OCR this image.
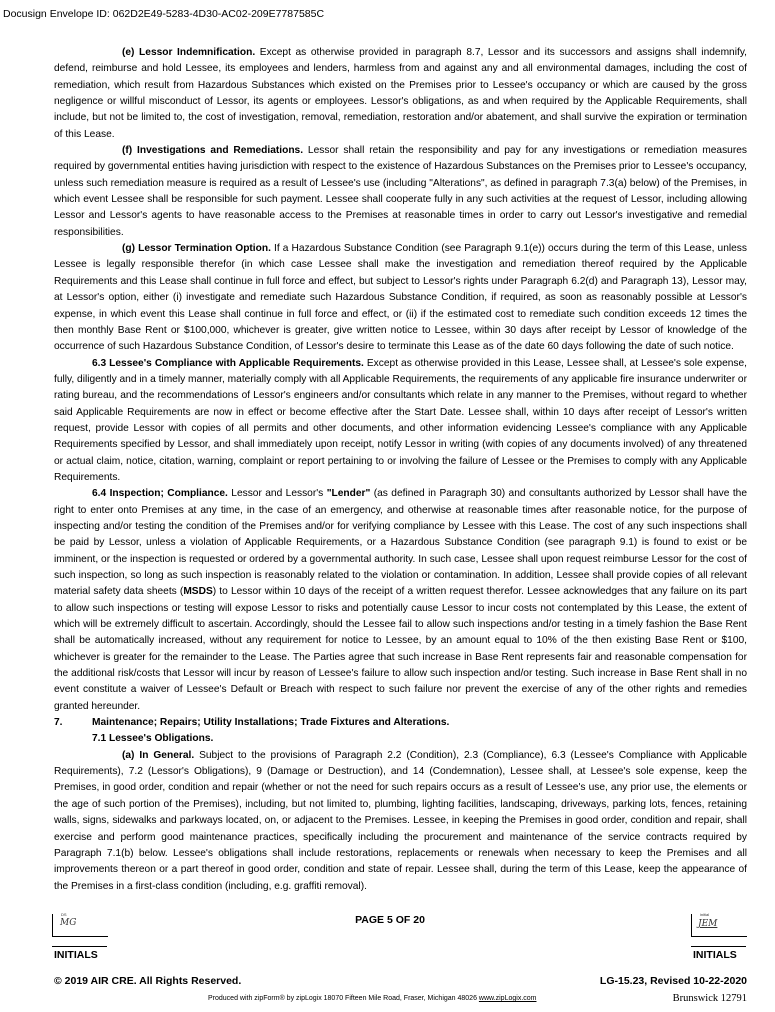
Docusign Envelope ID: 062D2E49-5283-4D30-AC02-209E7787585C

(e) Lessor Indemnification. Except as otherwise provided in paragraph 8.7, Lessor and its successors and assigns shall indemnify, defend, reimburse and hold Lessee, its employees and lenders, harmless from and against any and all environmental damages, including the cost of remediation, which result from Hazardous Substances which existed on the Premises prior to Lessee's occupancy or which are caused by the gross negligence or willful misconduct of Lessor, its agents or employees. Lessor's obligations, as and when required by the Applicable Requirements, shall include, but not be limited to, the cost of investigation, removal, remediation, restoration and/or abatement, and shall survive the expiration or termination of this Lease.

(f) Investigations and Remediations. Lessor shall retain the responsibility and pay for any investigations or remediation measures required by governmental entities having jurisdiction with respect to the existence of Hazardous Substances on the Premises prior to Lessee's occupancy, unless such remediation measure is required as a result of Lessee's use (including "Alterations", as defined in paragraph 7.3(a) below) of the Premises, in which event Lessee shall be responsible for such payment. Lessee shall cooperate fully in any such activities at the request of Lessor, including allowing Lessor and Lessor's agents to have reasonable access to the Premises at reasonable times in order to carry out Lessor's investigative and remedial responsibilities.

(g) Lessor Termination Option. If a Hazardous Substance Condition (see Paragraph 9.1(e)) occurs during the term of this Lease, unless Lessee is legally responsible therefor (in which case Lessee shall make the investigation and remediation thereof required by the Applicable Requirements and this Lease shall continue in full force and effect, but subject to Lessor's rights under Paragraph 6.2(d) and Paragraph 13), Lessor may, at Lessor's option, either (i) investigate and remediate such Hazardous Substance Condition, if required, as soon as reasonably possible at Lessor's expense, in which event this Lease shall continue in full force and effect, or (ii) if the estimated cost to remediate such condition exceeds 12 times the then monthly Base Rent or $100,000, whichever is greater, give written notice to Lessee, within 30 days after receipt by Lessor of knowledge of the occurrence of such Hazardous Substance Condition, of Lessor's desire to terminate this Lease as of the date 60 days following the date of such notice.

6.3 Lessee's Compliance with Applicable Requirements. Except as otherwise provided in this Lease, Lessee shall, at Lessee's sole expense, fully, diligently and in a timely manner, materially comply with all Applicable Requirements, the requirements of any applicable fire insurance underwriter or rating bureau, and the recommendations of Lessor's engineers and/or consultants which relate in any manner to the Premises, without regard to whether said Applicable Requirements are now in effect or become effective after the Start Date. Lessee shall, within 10 days after receipt of Lessor's written request, provide Lessor with copies of all permits and other documents, and other information evidencing Lessee's compliance with any Applicable Requirements specified by Lessor, and shall immediately upon receipt, notify Lessor in writing (with copies of any documents involved) of any threatened or actual claim, notice, citation, warning, complaint or report pertaining to or involving the failure of Lessee or the Premises to comply with any Applicable Requirements.

6.4 Inspection; Compliance. Lessor and Lessor's "Lender" (as defined in Paragraph 30) and consultants authorized by Lessor shall have the right to enter onto Premises at any time, in the case of an emergency, and otherwise at reasonable times after reasonable notice, for the purpose of inspecting and/or testing the condition of the Premises and/or for verifying compliance by Lessee with this Lease. The cost of any such inspections shall be paid by Lessor, unless a violation of Applicable Requirements, or a Hazardous Substance Condition (see paragraph 9.1) is found to exist or be imminent, or the inspection is requested or ordered by a governmental authority. In such case, Lessee shall upon request reimburse Lessor for the cost of such inspection, so long as such inspection is reasonably related to the violation or contamination. In addition, Lessee shall provide copies of all relevant material safety data sheets (MSDS) to Lessor within 10 days of the receipt of a written request therefor. Lessee acknowledges that any failure on its part to allow such inspections or testing will expose Lessor to risks and potentially cause Lessor to incur costs not contemplated by this Lease, the extent of which will be extremely difficult to ascertain. Accordingly, should the Lessee fail to allow such inspections and/or testing in a timely fashion the Base Rent shall be automatically increased, without any requirement for notice to Lessee, by an amount equal to 10% of the then existing Base Rent or $100, whichever is greater for the remainder to the Lease. The Parties agree that such increase in Base Rent represents fair and reasonable compensation for the additional risk/costs that Lessor will incur by reason of Lessee's failure to allow such inspection and/or testing. Such increase in Base Rent shall in no event constitute a waiver of Lessee's Default or Breach with respect to such failure nor prevent the exercise of any of the other rights and remedies granted hereunder.

7.	Maintenance; Repairs; Utility Installations; Trade Fixtures and Alterations.

7.1 Lessee's Obligations.

(a) In General. Subject to the provisions of Paragraph 2.2 (Condition), 2.3 (Compliance), 6.3 (Lessee's Compliance with Applicable Requirements), 7.2 (Lessor's Obligations), 9 (Damage or Destruction), and 14 (Condemnation), Lessee shall, at Lessee's sole expense, keep the Premises, in good order, condition and repair (whether or not the need for such repairs occurs as a result of Lessee's use, any prior use, the elements or the age of such portion of the Premises), including, but not limited to, plumbing, lighting facilities, landscaping, driveways, parking lots, fences, retaining walls, signs, sidewalks and parkways located, on, or adjacent to the Premises. Lessee, in keeping the Premises in good order, condition and repair, shall exercise and perform good maintenance practices, specifically including the procurement and maintenance of the service contracts required by Paragraph 7.1(b) below. Lessee's obligations shall include restorations, replacements or renewals when necessary to keep the Premises and all improvements thereon or a part thereof in good order, condition and state of repair. Lessee shall, during the term of this Lease, keep the appearance of the Premises in a first-class condition (including, e.g. graffiti removal).

DS
MG
INITIALS
PAGE 5 OF 20	initial
JEM
INITIALS
© 2019 AIR CRE. All Rights Reserved.	LG-15.23, Revised 10-22-2020
Produced with zipForm® by zipLogix 18070 Fifteen Mile Road, Fraser, Michigan 48026 www.zipLogix.com	Brunswick 12791
